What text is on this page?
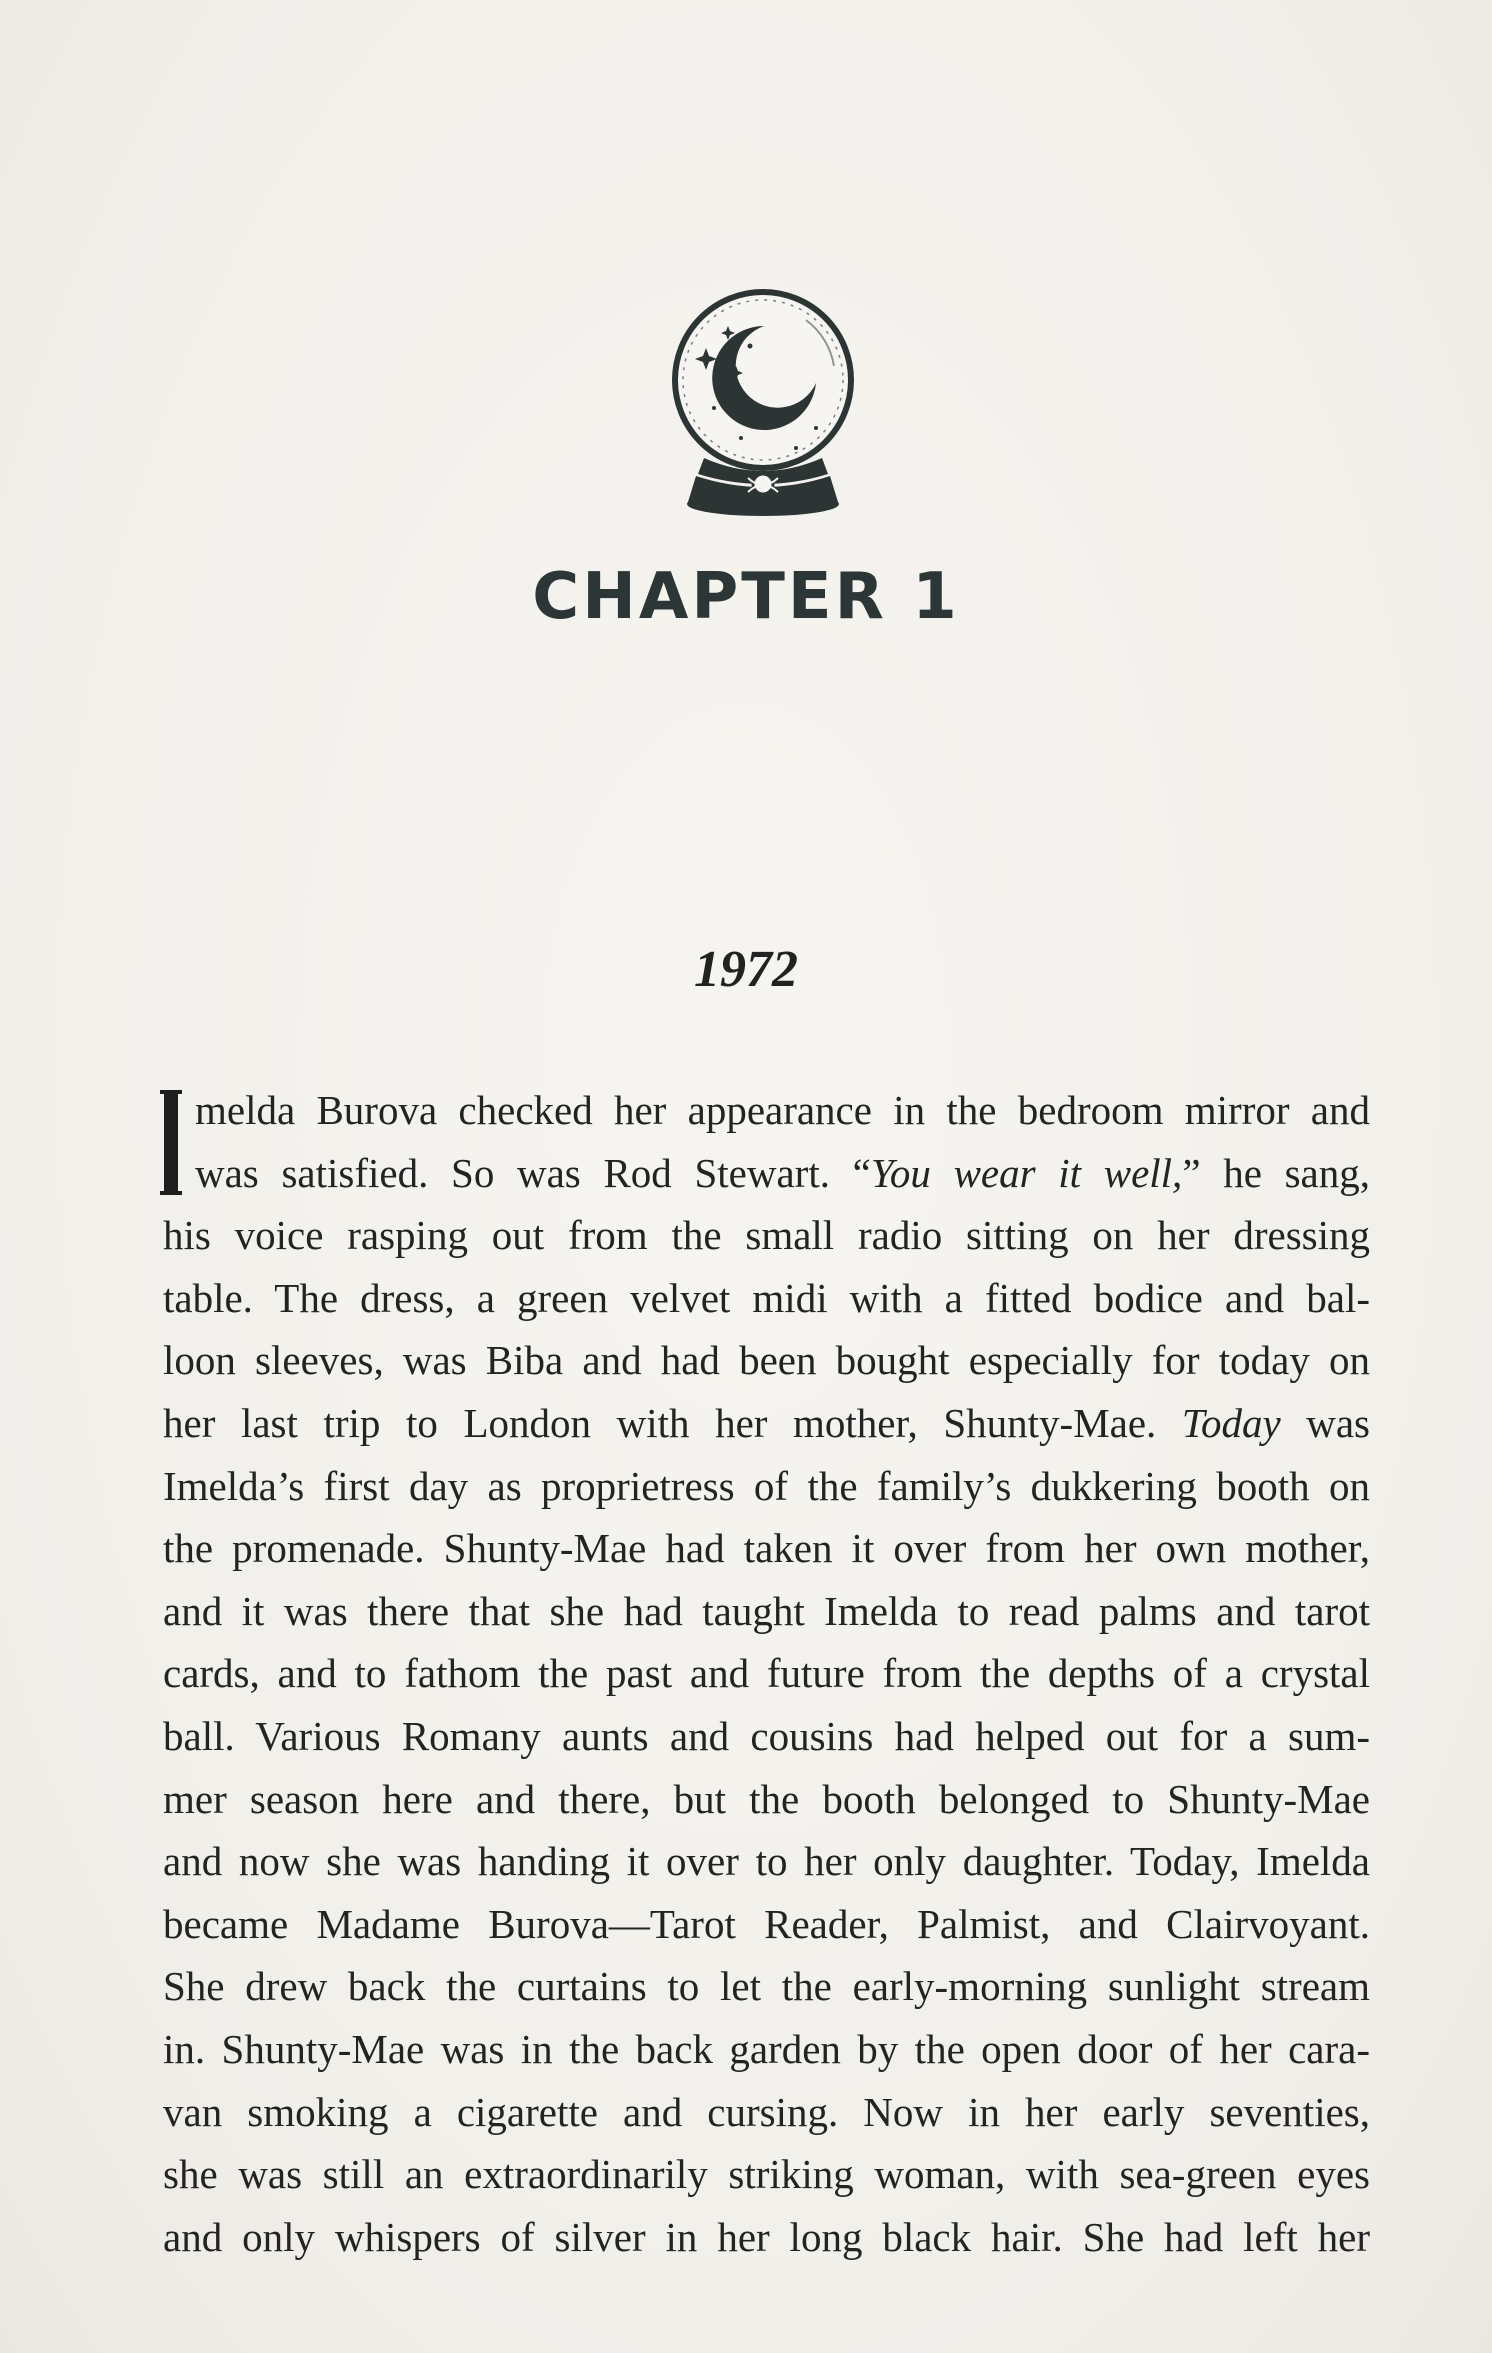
CHAPTER 1
1972
melda Burova checked her appearance in the bedroom mirror and
was satisfied. So was Rod Stewart. “You wear it well,” he sang,
his voice rasping out from the small radio sitting on her dressing
table. The dress, a green velvet midi with a fitted bodice and bal-
loon sleeves, was Biba and had been bought especially for today on
her last trip to London with her mother, Shunty-Mae. Today was
Imelda’s first day as proprietress of the family’s dukkering booth on
the promenade. Shunty-Mae had taken it over from her own mother,
and it was there that she had taught Imelda to read palms and tarot
cards, and to fathom the past and future from the depths of a crystal
ball. Various Romany aunts and cousins had helped out for a sum-
mer season here and there, but the booth belonged to Shunty-Mae
and now she was handing it over to her only daughter. Today, Imelda
became Madame Burova—Tarot Reader, Palmist, and Clairvoyant.
She drew back the curtains to let the early-morning sunlight stream
in. Shunty-Mae was in the back garden by the open door of her cara-
van smoking a cigarette and cursing. Now in her early seventies,
she was still an extraordinarily striking woman, with sea-green eyes
and only whispers of silver in her long black hair. She had left her
